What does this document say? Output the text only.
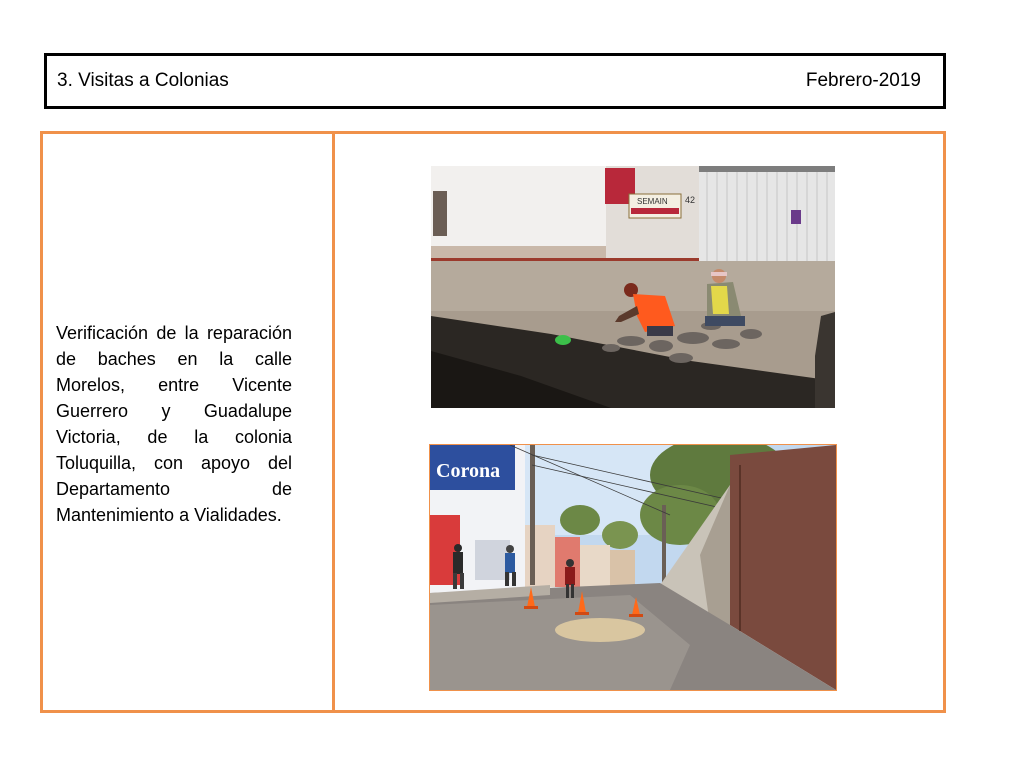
3. Visitas a Colonias	Febrero-2019
Verificación de la reparación de baches en la calle Morelos, entre Vicente Guerrero y Guadalupe Victoria, de la colonia Toluquilla, con apoyo del Departamento de Mantenimiento a Vialidades.
SEMAIN 42
Corona
